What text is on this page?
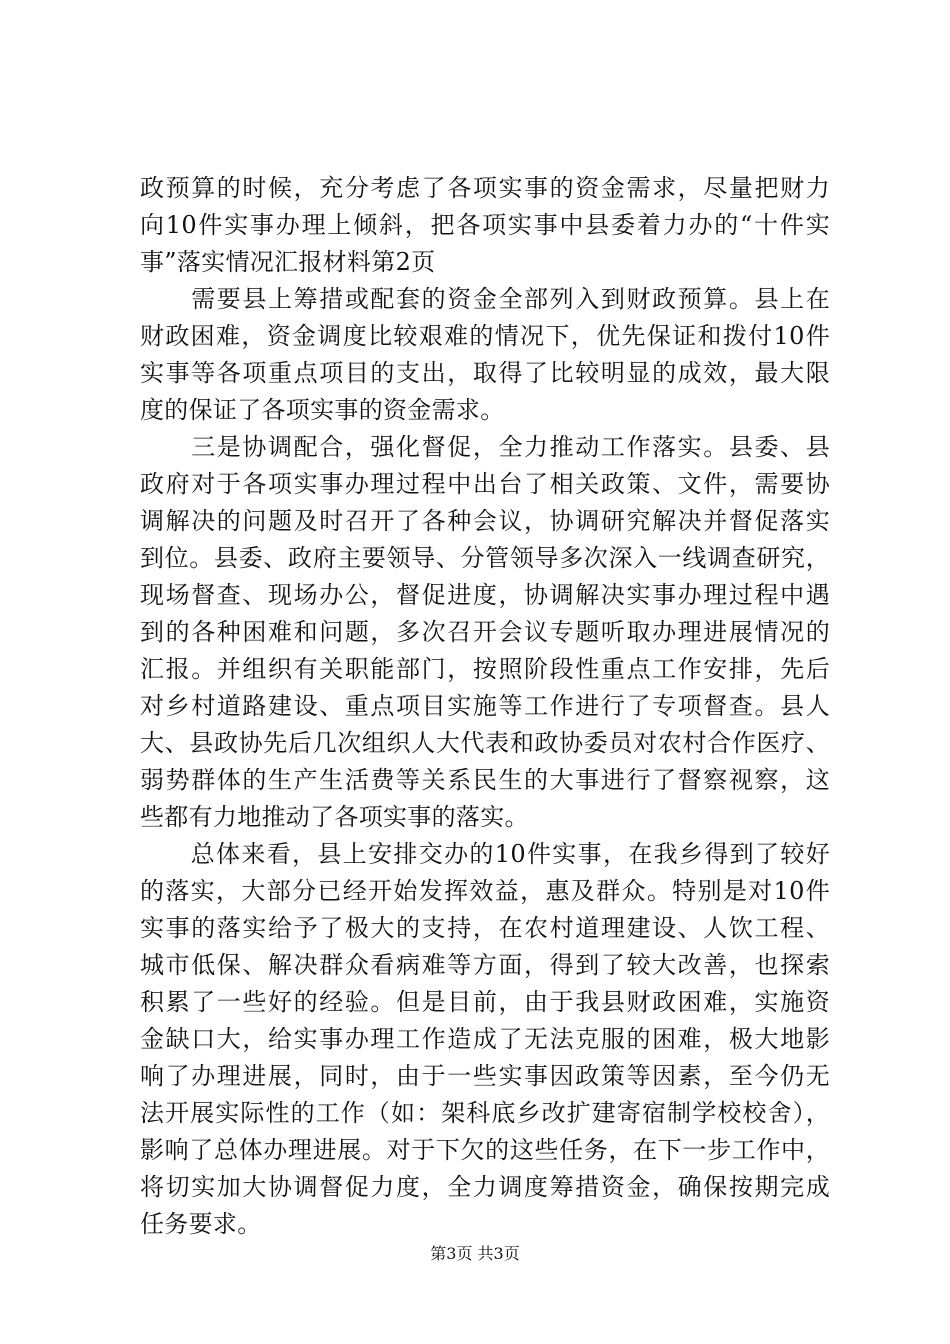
政预算的时候，充分考虑了各项实事的资金需求，尽量把财力
向10件实事办理上倾斜，把各项实事中县委着力办的“十件实
事”落实情况汇报材料第2页
　　需要县上筹措或配套的资金全部列入到财政预算。县上在
财政困难，资金调度比较艰难的情况下，优先保证和拨付10件
实事等各项重点项目的支出，取得了比较明显的成效，最大限
度的保证了各项实事的资金需求。
　　三是协调配合，强化督促，全力推动工作落实。县委、县
政府对于各项实事办理过程中出台了相关政策、文件，需要协
调解决的问题及时召开了各种会议，协调研究解决并督促落实
到位。县委、政府主要领导、分管领导多次深入一线调查研究，
现场督查、现场办公，督促进度，协调解决实事办理过程中遇
到的各种困难和问题，多次召开会议专题听取办理进展情况的
汇报。并组织有关职能部门，按照阶段性重点工作安排，先后
对乡村道路建设、重点项目实施等工作进行了专项督查。县人
大、县政协先后几次组织人大代表和政协委员对农村合作医疗、
弱势群体的生产生活费等关系民生的大事进行了督察视察，这
些都有力地推动了各项实事的落实。
　　总体来看，县上安排交办的10件实事，在我乡得到了较好
的落实，大部分已经开始发挥效益，惠及群众。特别是对10件
实事的落实给予了极大的支持，在农村道理建设、人饮工程、
城市低保、解决群众看病难等方面，得到了较大改善，也探索
积累了一些好的经验。但是目前，由于我县财政困难，实施资
金缺口大，给实事办理工作造成了无法克服的困难，极大地影
响了办理进展，同时，由于一些实事因政策等因素，至今仍无
法开展实际性的工作（如：架科底乡改扩建寄宿制学校校舍），
影响了总体办理进展。对于下欠的这些任务，在下一步工作中，
将切实加大协调督促力度，全力调度筹措资金，确保按期完成
任务要求。
第3页 共3页
